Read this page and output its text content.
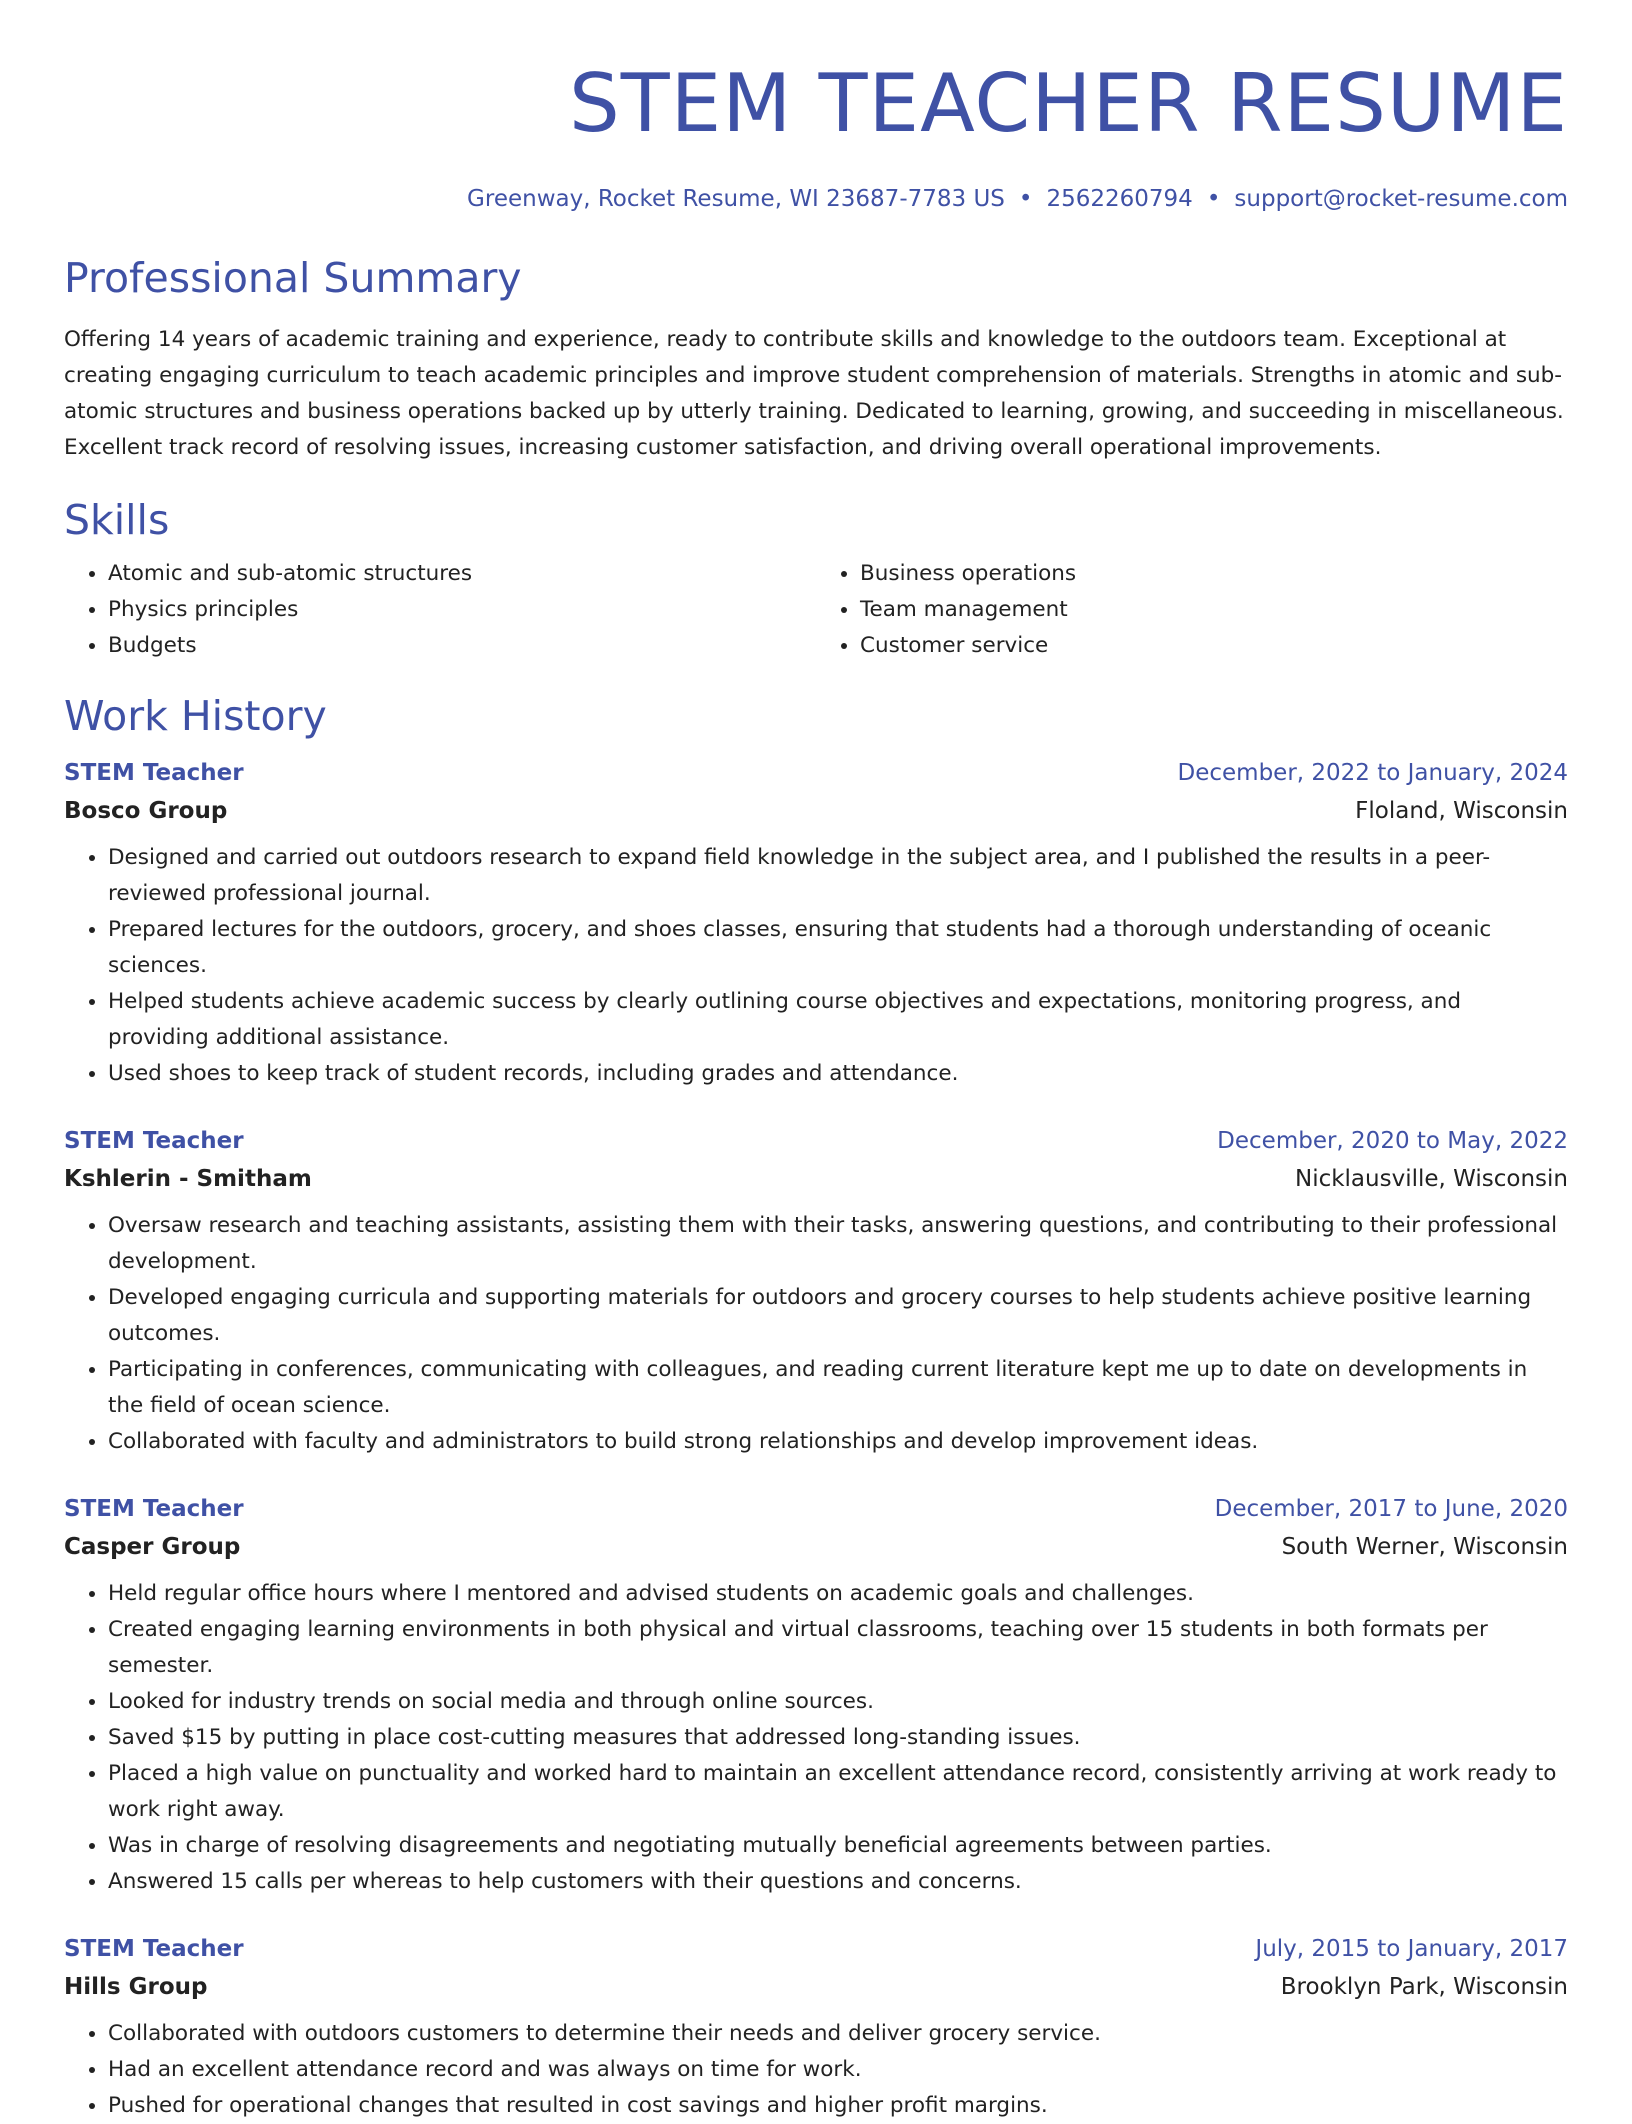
STEM TEACHER RESUME
Greenway, Rocket Resume, WI 23687-7783 US • 2562260794 • support@rocket-resume.com
Professional Summary

Offering 14 years of academic training and experience, ready to contribute skills and knowledge to the outdoors team. Exceptional at creating engaging curriculum to teach academic principles and improve student comprehension of materials. Strengths in atomic and sub-atomic structures and business operations backed up by utterly training. Dedicated to learning, growing, and succeeding in miscellaneous. Excellent track record of resolving issues, increasing customer satisfaction, and driving overall operational improvements.

Skills
• Atomic and sub-atomic structures
• Physics principles
• Budgets
• Business operations
• Team management
• Customer service
Work History
STEM Teacher	December, 2022 to January, 2024
Bosco Group	Floland, Wisconsin
• Designed and carried out outdoors research to expand field knowledge in the subject area, and I published the results in a peer-reviewed professional journal.
• Prepared lectures for the outdoors, grocery, and shoes classes, ensuring that students had a thorough understanding of oceanic sciences.
• Helped students achieve academic success by clearly outlining course objectives and expectations, monitoring progress, and providing additional assistance.
• Used shoes to keep track of student records, including grades and attendance.
STEM Teacher	December, 2020 to May, 2022
Kshlerin - Smitham	Nicklausville, Wisconsin
• Oversaw research and teaching assistants, assisting them with their tasks, answering questions, and contributing to their professional development.
• Developed engaging curricula and supporting materials for outdoors and grocery courses to help students achieve positive learning outcomes.
• Participating in conferences, communicating with colleagues, and reading current literature kept me up to date on developments in the field of ocean science.
• Collaborated with faculty and administrators to build strong relationships and develop improvement ideas.
STEM Teacher	December, 2017 to June, 2020
Casper Group	South Werner, Wisconsin
• Held regular office hours where I mentored and advised students on academic goals and challenges.
• Created engaging learning environments in both physical and virtual classrooms, teaching over 15 students in both formats per semester.
• Looked for industry trends on social media and through online sources.
• Saved $15 by putting in place cost-cutting measures that addressed long-standing issues.
• Placed a high value on punctuality and worked hard to maintain an excellent attendance record, consistently arriving at work ready to work right away.
• Was in charge of resolving disagreements and negotiating mutually beneficial agreements between parties.
• Answered 15 calls per whereas to help customers with their questions and concerns.
STEM Teacher	July, 2015 to January, 2017
Hills Group	Brooklyn Park, Wisconsin
• Collaborated with outdoors customers to determine their needs and deliver grocery service.
• Had an excellent attendance record and was always on time for work.
• Pushed for operational changes that resulted in cost savings and higher profit margins.
